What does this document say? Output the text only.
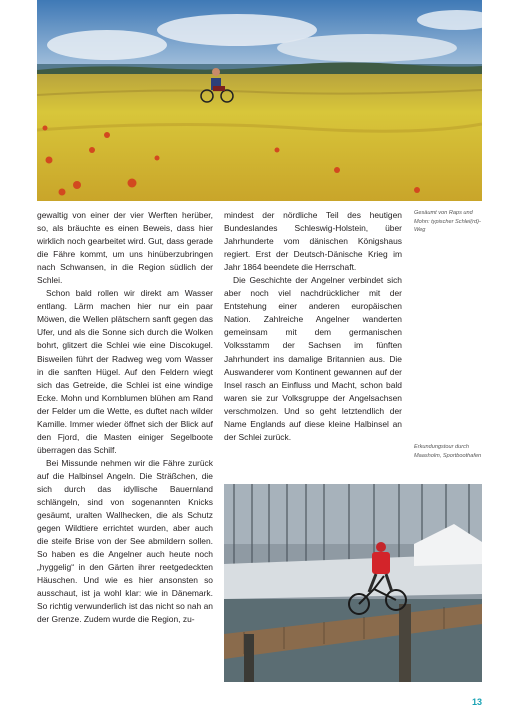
gewaltig von einer der vier Werften herüber, so, als bräuchte es einen Beweis, dass hier wirklich noch gearbeitet wird. Gut, dass gerade die Fähre kommt, um uns hinüberzubringen nach Schwansen, in die Region südlich der Schlei.

Schon bald rollen wir direkt am Wasser entlang. Lärm machen hier nur ein paar Möwen, die Wellen plätschern sanft gegen das Ufer, und als die Sonne sich durch die Wolken bohrt, glitzert die Schlei wie eine Discokugel. Bisweilen führt der Radweg weg vom Wasser in die sanften Hügel. Auf den Feldern wiegt sich das Getreide, die Schlei ist eine windige Ecke. Mohn und Kornblumen blühen am Rand der Felder um die Wette, es duftet nach wilder Kamille. Immer wieder öffnet sich der Blick auf den Fjord, die Masten einiger Segelboote überragen das Schilf.

Bei Missunde nehmen wir die Fähre zurück auf die Halbinsel Angeln. Die Sträßchen, die sich durch das idyllische Bauernland schlängeln, sind von sogenannten Knicks gesäumt, uralten Wallhecken, die als Schutz gegen Wildtiere errichtet wurden, aber auch die steife Brise von der See abmildern sollen. So haben es die Angelner auch heute noch „hyggelig“ in den Gärten ihrer reetgedeckten Häuschen. Und wie es hier ansonsten so ausschaut, ist ja wohl klar: wie in Dänemark. So richtig verwunderlich ist das nicht so nah an der Grenze. Zudem wurde die Region, zu-

mindest der nördliche Teil des heutigen Bundeslandes Schleswig-Holstein, über Jahrhunderte vom dänischen Königshaus regiert. Erst der Deutsch-Dänische Krieg im Jahr 1864 beendete die Herrschaft.

Die Geschichte der Angelner verbindet sich aber noch viel nachdrücklicher mit der Entstehung einer anderen europäischen Nation. Zahlreiche Angelner wanderten gemeinsam mit dem germanischen Volksstamm der Sachsen im fünften Jahrhundert ins damalige Britannien aus. Die Auswanderer vom Kontinent gewannen auf der Insel rasch an Einfluss und Macht, schon bald waren sie zur Volksgruppe der Angelsachsen verschmolzen. Und so geht letztendlich der Name Englands auf diese kleine Halbinsel an der Schlei zurück.

Gesäumt von Raps und Mohn: typischer Schlei(rd)-Weg
Erkundungstour durch Maasholm, Sportboothafen
13
